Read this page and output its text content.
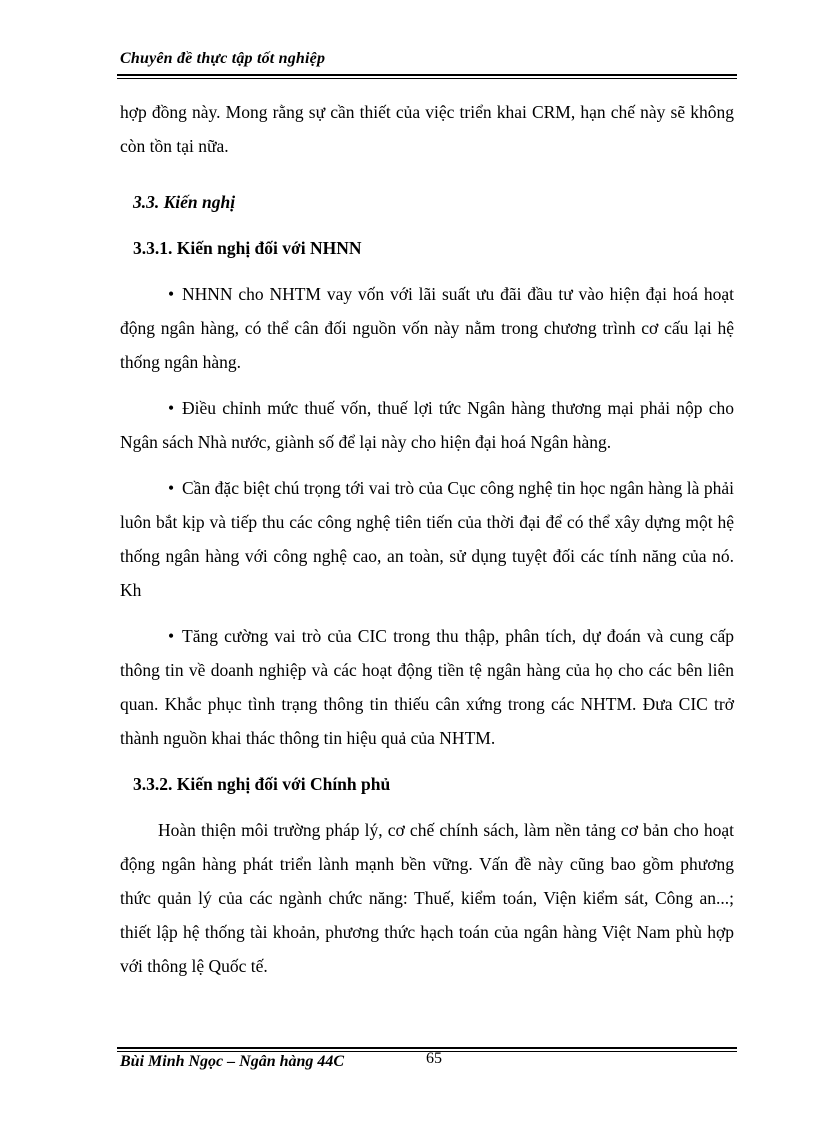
Chuyên đề thực tập tốt nghiệp

hợp đồng này. Mong rằng sự cần thiết của việc triển khai CRM, hạn chế này sẽ không còn tồn tại nữa.

3.3. Kiến nghị

3.3.1. Kiến nghị đối với NHNN

• NHNN cho NHTM vay vốn với lãi suất ưu đãi đầu tư vào hiện đại hoá hoạt động ngân hàng, có thể cân đối nguồn vốn này nằm trong chương trình cơ cấu lại hệ thống ngân hàng.

• Điều chỉnh mức thuế vốn, thuế lợi tức Ngân hàng thương mại phải nộp cho Ngân sách Nhà nước, giành số để lại này cho hiện đại hoá Ngân hàng.

• Cần đặc biệt chú trọng tới vai trò của Cục công nghệ tin học ngân hàng là phải luôn bắt kịp và tiếp thu các công nghệ tiên tiến của thời đại để có thể xây dựng một hệ thống ngân hàng với công nghệ cao, an toàn, sử dụng tuyệt đối các tính năng của nó. Kh

• Tăng cường vai trò của CIC trong thu thập, phân tích, dự đoán và cung cấp thông tin về doanh nghiệp và các hoạt động tiền tệ ngân hàng của họ cho các bên liên quan. Khắc phục tình trạng thông tin thiếu cân xứng trong các NHTM. Đưa CIC trở thành nguồn khai thác thông tin hiệu quả của NHTM.

3.3.2. Kiến nghị đối với Chính phủ

Hoàn thiện môi trường pháp lý, cơ chế chính sách, làm nền tảng cơ bản cho hoạt động ngân hàng phát triển lành mạnh bền vững. Vấn đề này cũng bao gồm phương thức quản lý của các ngành chức năng: Thuế, kiểm toán, Viện kiểm sát, Công an...; thiết lập hệ thống tài khoản, phương thức hạch toán của ngân hàng Việt Nam phù hợp với thông lệ Quốc tế.

Bùi Minh Ngọc – Ngân hàng 44C	65
